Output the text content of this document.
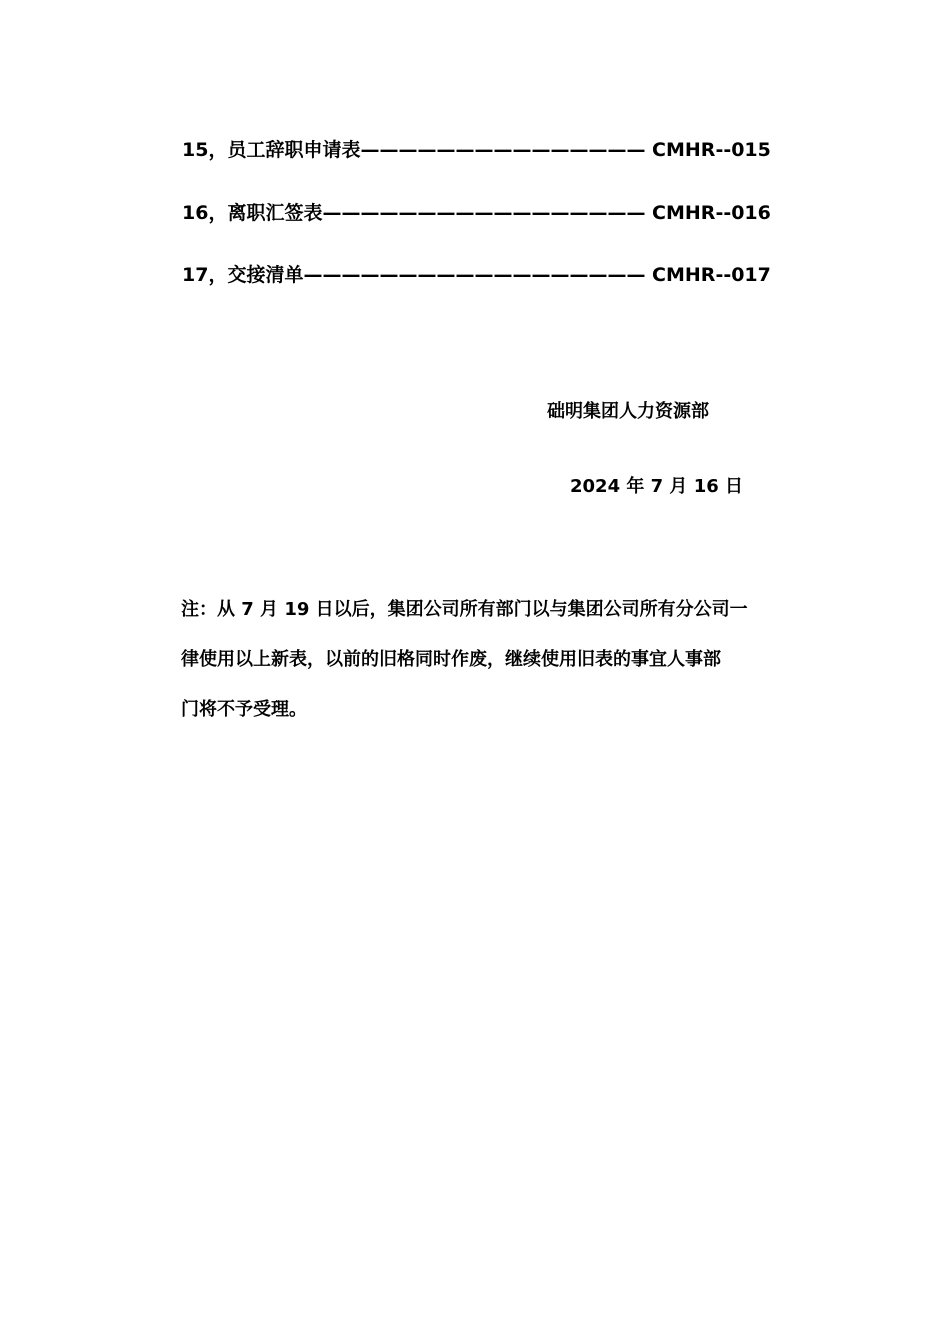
15，员工辞职申请表——————————————— CMHR--015
16，离职汇签表————————————————— CMHR--016
17，交接清单—————————————————— CMHR--017
础明集团人力资源部
2024 年 7 月 16 日
注：从 7 月 19 日以后，集团公司所有部门以与集团公司所有分公司一
律使用以上新表，以前的旧格同时作废，继续使用旧表的事宜人事部
门将不予受理。
